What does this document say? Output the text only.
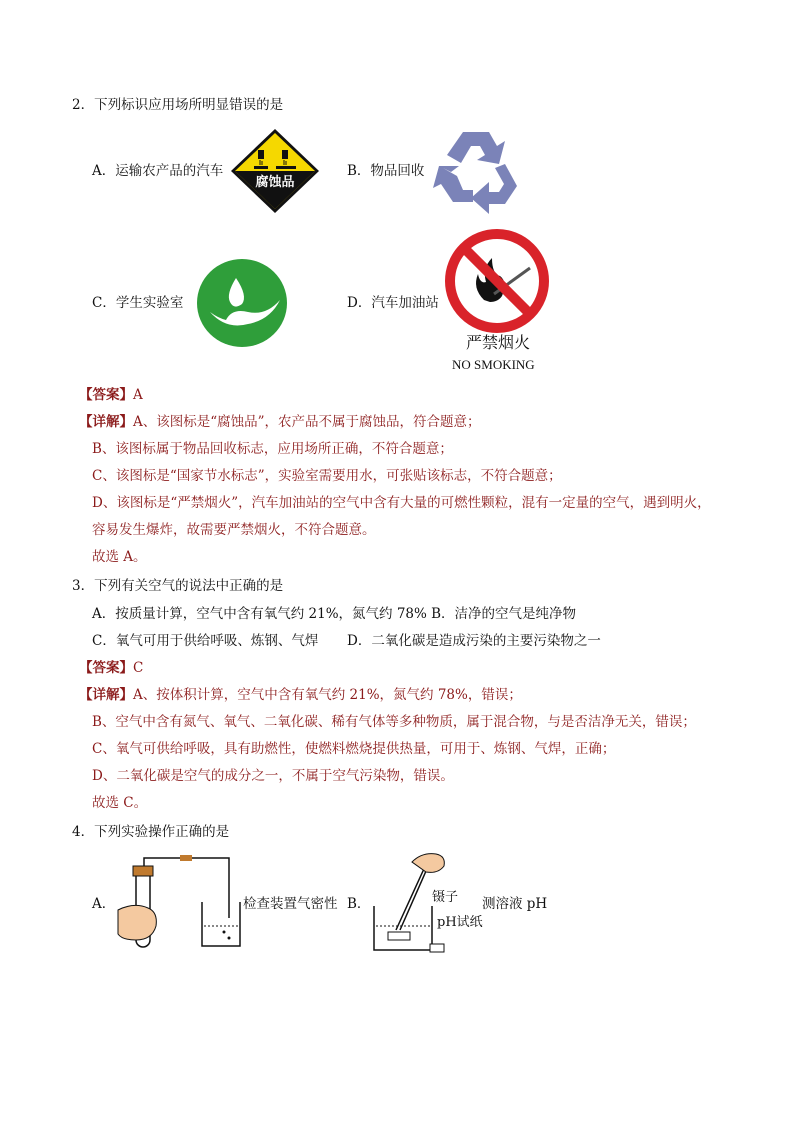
2．下列标识应用场所明显错误的是
A．运输农产品的汽车
腐蚀品
B．物品回收
C．学生实验室	D．汽车加油站
严禁烟火
NO SMOKING
【答案】A
【详解】A、该图标是“腐蚀品”，农产品不属于腐蚀品，符合题意；
B、该图标属于物品回收标志，应用场所正确，不符合题意；
C、该图标是“国家节水标志”，实验室需要用水，可张贴该标志，不符合题意；
D、该图标是“严禁烟火”，汽车加油站的空气中含有大量的可燃性颗粒，混有一定量的空气，遇到明火，
容易发生爆炸，故需要严禁烟火，不符合题意。
故选 A。
3．下列有关空气的说法中正确的是
A．按质量计算，空气中含有氧气约 21%，氮气约 78% B．洁净的空气是纯净物
C．氧气可用于供给呼吸、炼钢、气焊 D．二氧化碳是造成污染的主要污染物之一
【答案】C
【详解】A、按体积计算，空气中含有氧气约 21%，氮气约 78%，错误；
B、空气中含有氮气、氧气、二氧化碳、稀有气体等多种物质，属于混合物，与是否洁净无关，错误；
C、氧气可供给呼吸，具有助燃性，使燃料燃烧提供热量，可用于、炼钢、气焊，正确；
D、二氧化碳是空气的成分之一，不属于空气污染物，错误。
故选 C。
4．下列实验操作正确的是
A．	检查装置气密性 B．	镊子
pH试纸
测溶液 pH
